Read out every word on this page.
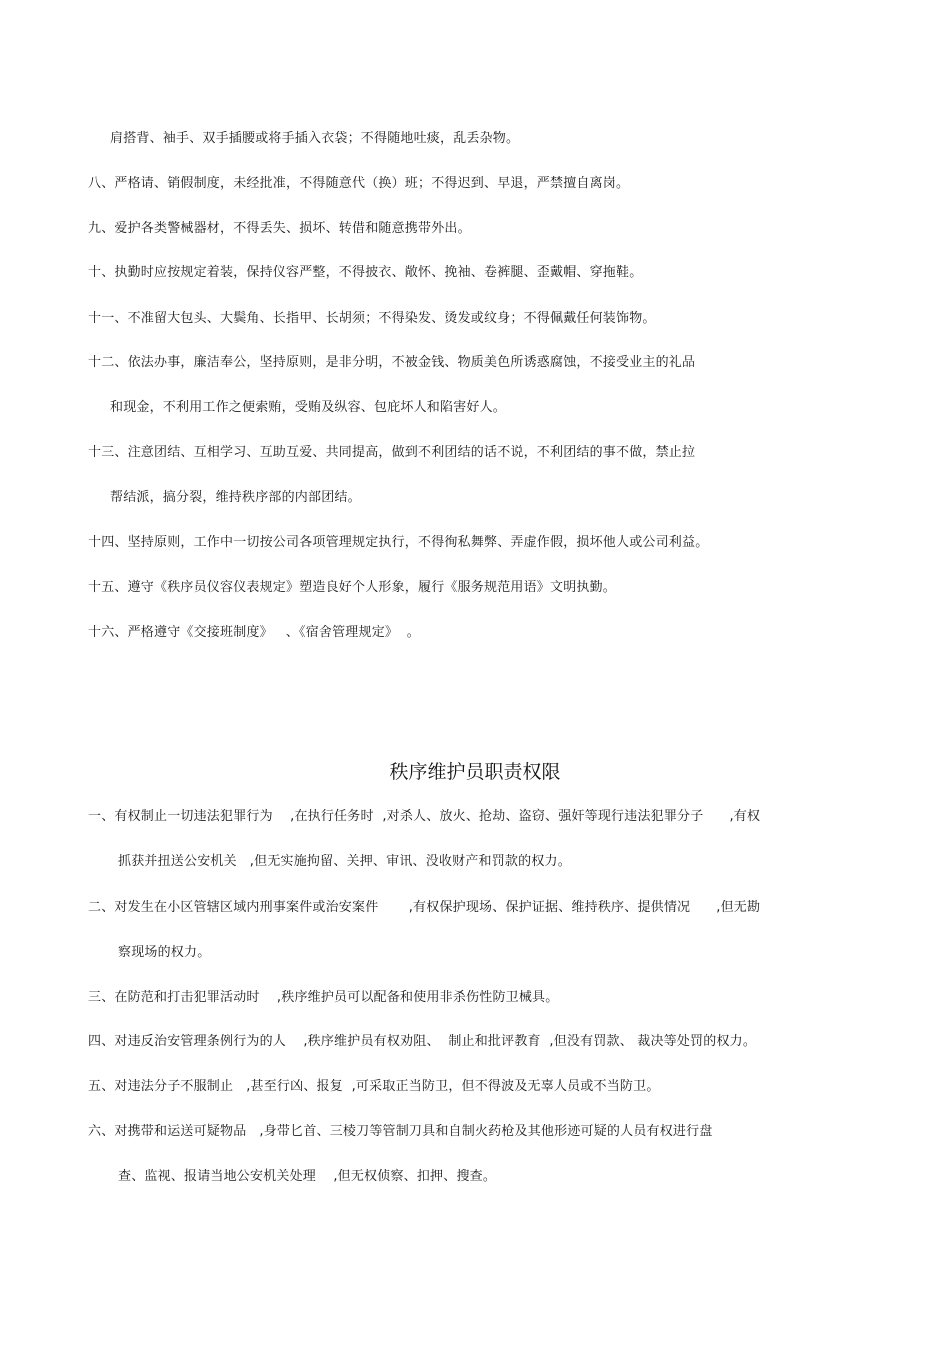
肩搭背、袖手、双手插腰或将手插入衣袋；不得随地吐痰，乱丢杂物。
八、严格请、销假制度，未经批准，不得随意代（换）班；不得迟到、早退，严禁擅自离岗。
九、爱护各类警械器材，不得丢失、损坏、转借和随意携带外出。
十、执勤时应按规定着装，保持仪容严整，不得披衣、敞怀、挽袖、卷裤腿、歪戴帽、穿拖鞋。
十一、不准留大包头、大鬓角、长指甲、长胡须；不得染发、烫发或纹身；不得佩戴任何装饰物。
十二、依法办事，廉洁奉公，坚持原则，是非分明，不被金钱、物质美色所诱惑腐蚀，不接受业主的礼品
和现金，不利用工作之便索贿，受贿及纵容、包庇坏人和陷害好人。
十三、注意团结、互相学习、互助互爱、共同提高，做到不利团结的话不说，不利团结的事不做，禁止拉
帮结派，搞分裂，维持秩序部的内部团结。
十四、坚持原则，工作中一切按公司各项管理规定执行，不得徇私舞弊、弄虚作假，损坏他人或公司利益。
十五、遵守《秩序员仪容仪表规定》塑造良好个人形象，履行《服务规范用语》文明执勤。
十六、严格遵守《交接班制度》   、《宿舍管理规定》  。
秩序维护员职责权限
一、有权制止一切违法犯罪行为    ,在执行任务时  ,对杀人、放火、抢劫、盗窃、强奸等现行违法犯罪分子      ,有权
抓获并扭送公安机关   ,但无实施拘留、关押、审讯、没收财产和罚款的权力。
二、对发生在小区管辖区域内刑事案件或治安案件       ,有权保护现场、保护证据、维持秩序、提供情况      ,但无勘
察现场的权力。
三、在防范和打击犯罪活动时    ,秩序维护员可以配备和使用非杀伤性防卫械具。
四、对违反治安管理条例行为的人    ,秩序维护员有权劝阻、  制止和批评教育  ,但没有罚款、 裁决等处罚的权力。
五、对违法分子不服制止   ,甚至行凶、报复  ,可采取正当防卫，但不得波及无辜人员或不当防卫。
六、对携带和运送可疑物品   ,身带匕首、三棱刀等管制刀具和自制火药枪及其他形迹可疑的人员有权进行盘
查、监视、报请当地公安机关处理    ,但无权侦察、扣押、搜查。
